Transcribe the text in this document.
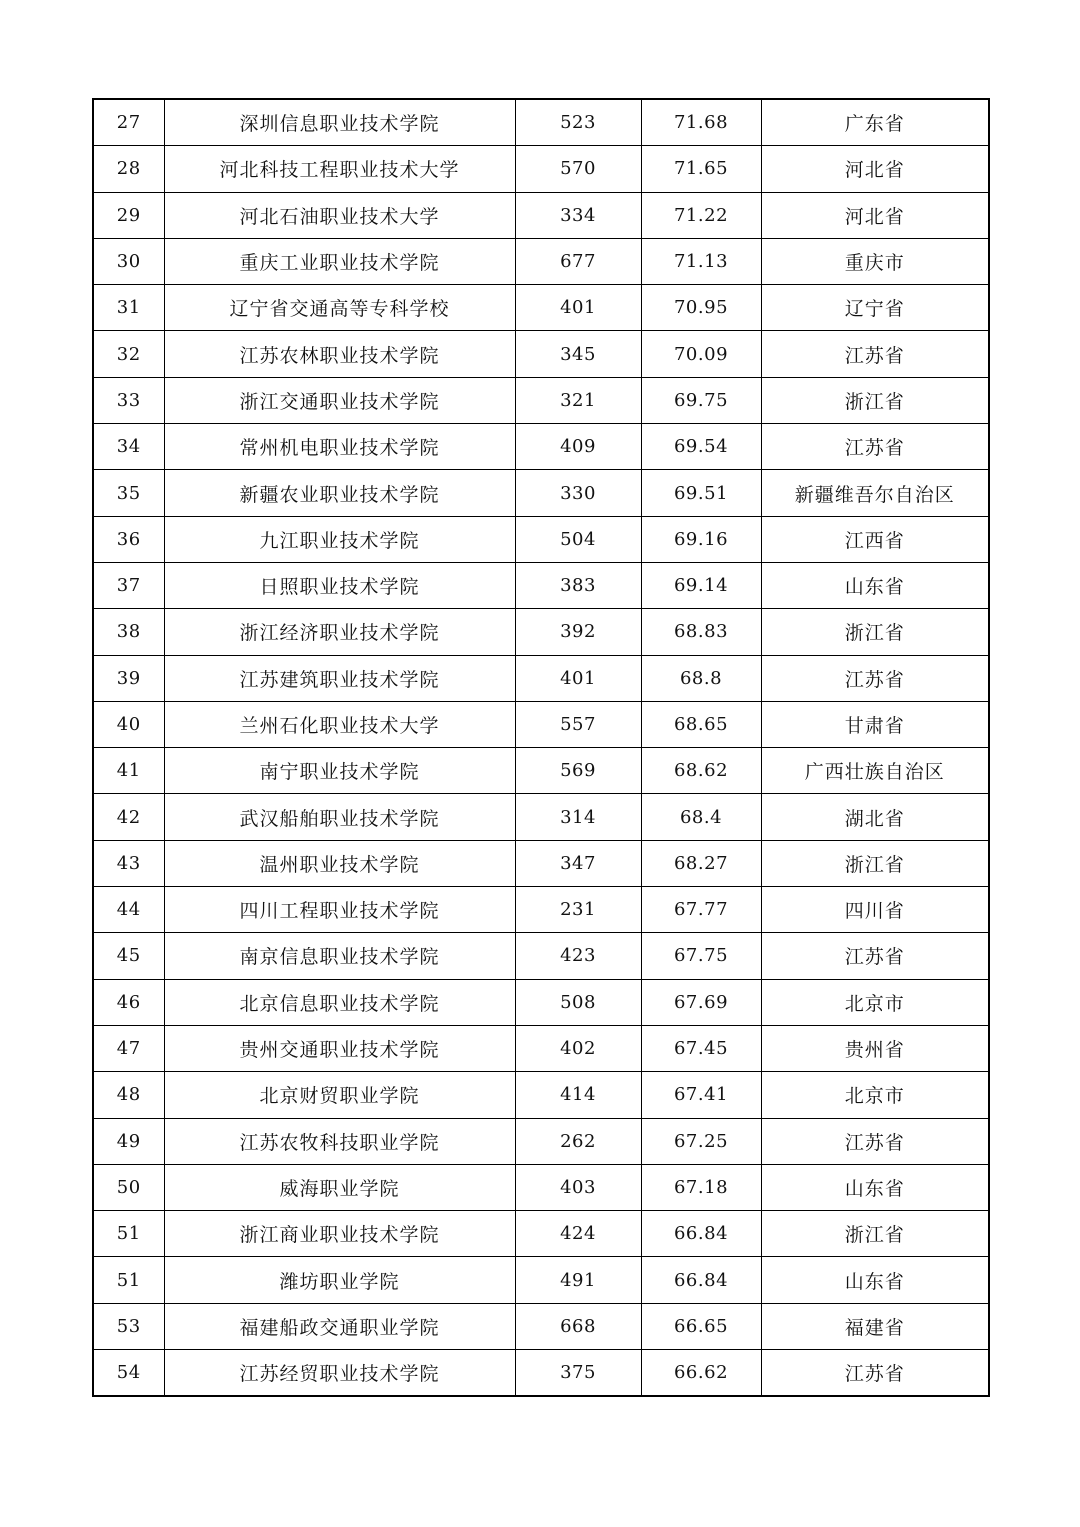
27	深圳信息职业技术学院	523	71.68	广东省
28	河北科技工程职业技术大学	570	71.65	河北省
29	河北石油职业技术大学	334	71.22	河北省
30	重庆工业职业技术学院	677	71.13	重庆市
31	辽宁省交通高等专科学校	401	70.95	辽宁省
32	江苏农林职业技术学院	345	70.09	江苏省
33	浙江交通职业技术学院	321	69.75	浙江省
34	常州机电职业技术学院	409	69.54	江苏省
35	新疆农业职业技术学院	330	69.51	新疆维吾尔自治区
36	九江职业技术学院	504	69.16	江西省
37	日照职业技术学院	383	69.14	山东省
38	浙江经济职业技术学院	392	68.83	浙江省
39	江苏建筑职业技术学院	401	68.8	江苏省
40	兰州石化职业技术大学	557	68.65	甘肃省
41	南宁职业技术学院	569	68.62	广西壮族自治区
42	武汉船舶职业技术学院	314	68.4	湖北省
43	温州职业技术学院	347	68.27	浙江省
44	四川工程职业技术学院	231	67.77	四川省
45	南京信息职业技术学院	423	67.75	江苏省
46	北京信息职业技术学院	508	67.69	北京市
47	贵州交通职业技术学院	402	67.45	贵州省
48	北京财贸职业学院	414	67.41	北京市
49	江苏农牧科技职业学院	262	67.25	江苏省
50	威海职业学院	403	67.18	山东省
51	浙江商业职业技术学院	424	66.84	浙江省
51	潍坊职业学院	491	66.84	山东省
53	福建船政交通职业学院	668	66.65	福建省
54	江苏经贸职业技术学院	375	66.62	江苏省
